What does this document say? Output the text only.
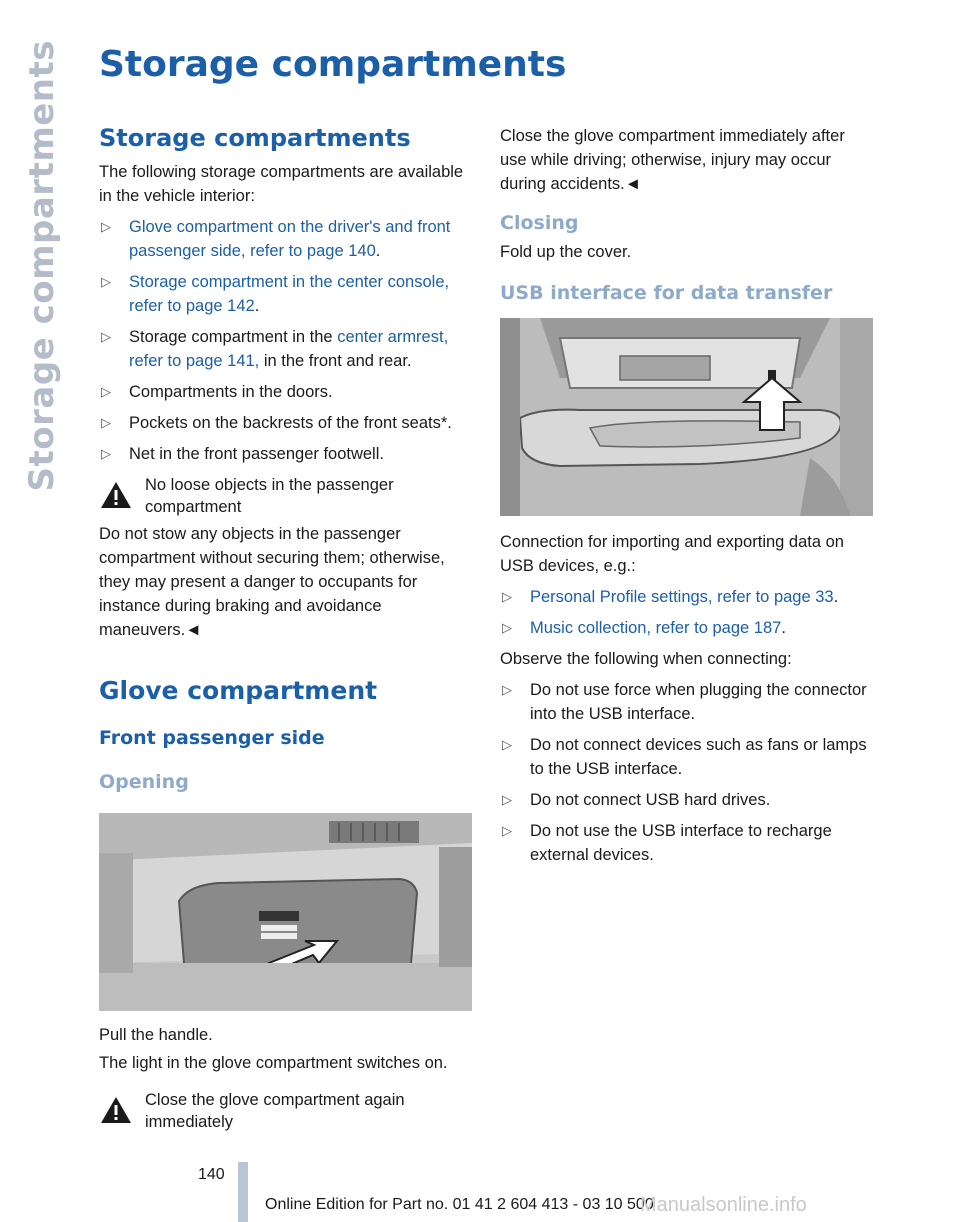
Storage compartments Storage compartments
Storage compartments

The following storage compartments are available in the vehicle interior:

▷ Glove compartment on the driver's and front passenger side, refer to page 140.
▷ Storage compartment in the center console, refer to page 142.
▷ Storage compartment in the center armrest, refer to page 141, in the front and rear.
▷ Compartments in the doors.
▷ Pockets on the backrests of the front seats*.
▷ Net in the front passenger footwell.
No loose objects in the passenger compartment

Do not stow any objects in the passenger compartment without securing them; otherwise, they may present a danger to occupants for instance during braking and avoidance maneuvers.◄

Glove compartment
Front passenger side
Opening

Pull the handle.

The light in the glove compartment switches on.

Close the glove compartment again immediately

Close the glove compartment immediately after use while driving; otherwise, injury may occur during accidents.◄

Closing

Fold up the cover.

USB interface for data transfer

Connection for importing and exporting data on USB devices, e.g.:

▷ Personal Profile settings, refer to page 33.
▷ Music collection, refer to page 187.

Observe the following when connecting:

▷ Do not use force when plugging the connector into the USB interface.
▷ Do not connect devices such as fans or lamps to the USB interface.
▷ Do not connect USB hard drives.
▷ Do not use the USB interface to recharge external devices.
140
Online Edition for Part no. 01 41 2 604 413 - 03 10 500
Manualsonline.info
